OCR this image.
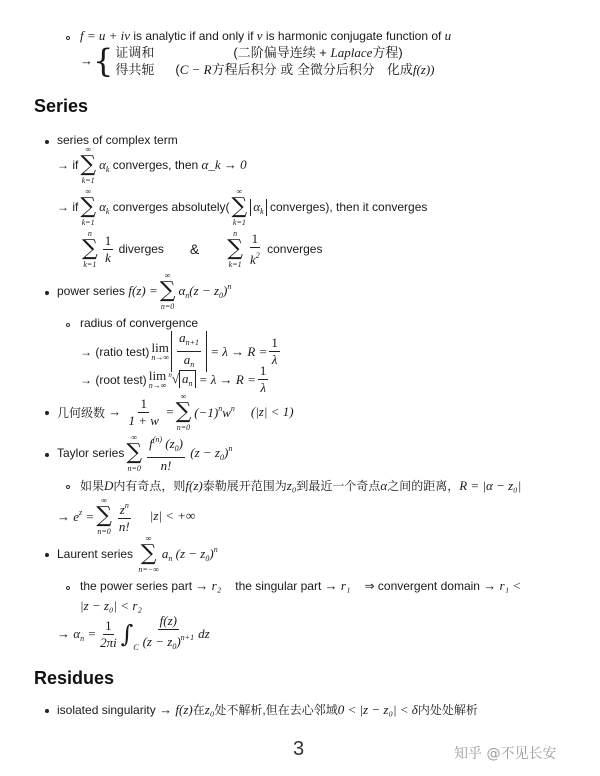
f = u + iv is analytic if and only if v is harmonic conjugate function of u
→ { 证调和	(二阶偏导连续 + Laplace 方程)
得共轭	( C − R 方程后积分 或 全微分后积分 化成 f(z))
Series
series of complex term
→ if
∞
∑
k=1
$\alpha_k$
converges, then
α_k → 0
→ if
∞
∑
k=1
$\alpha_k$
converges absolutely(
∞
∑
k=1
$\alpha_k$
converges), then it converges
n
∑
$k=1 \frac{1}{k}$
diverges &
n
∑
$k=1 \frac{1}{k^2}$
converges
power series
f(z) =
∞
∑
n=0
$\alpha_n(z - z_0)^n$
radius of convergence
→ (ratio test) lim
$n\to\infty \frac{a_{n+1}}{a_n} = \lambda \to R = \frac{1}{\lambda}$
→ (root test) lim
n→∞
$^n$√ $a_n = \lambda \to R = \frac{1}{\lambda}$
几何级数 → $\frac{1}{1 + w}$ =
∞
∑
n=0
$(-1)^nw^n$ (|z| < 1)
Taylor series
∞
∑
$n=0 \frac{f^{(n)} (z_0)}{n!} (z - z_0)^n$
如果 D 内有奇点，则 f(z) 泰勒展开范围为 z₀ 到最近一个奇点 α 之间的距离， R = |α − z₀|
→ $e^z$ =
∞
∑
$n=0 \frac{z^n}{n!} |z|$ < +∞
Laurent series

∞
∑
n=−∞
$a_n$ $(z - z_0)^n$
the power series part
→ r₂ the singular part
→ r₁ ⇒ convergent domain
→ r₁ <
|z − z₀| < r₂
→ $\alpha_n = \frac{1}{2\pi i}$ ∫ C $\frac{f(z)}{(z - z_0)^{n+1}}$ dz
Residues
isolated singularity
→
f(z) 在 z₀ 处不解析,但在去心邻域 0 < |z − z₀| < δ 内处处解析
3	知乎 @不见长安
